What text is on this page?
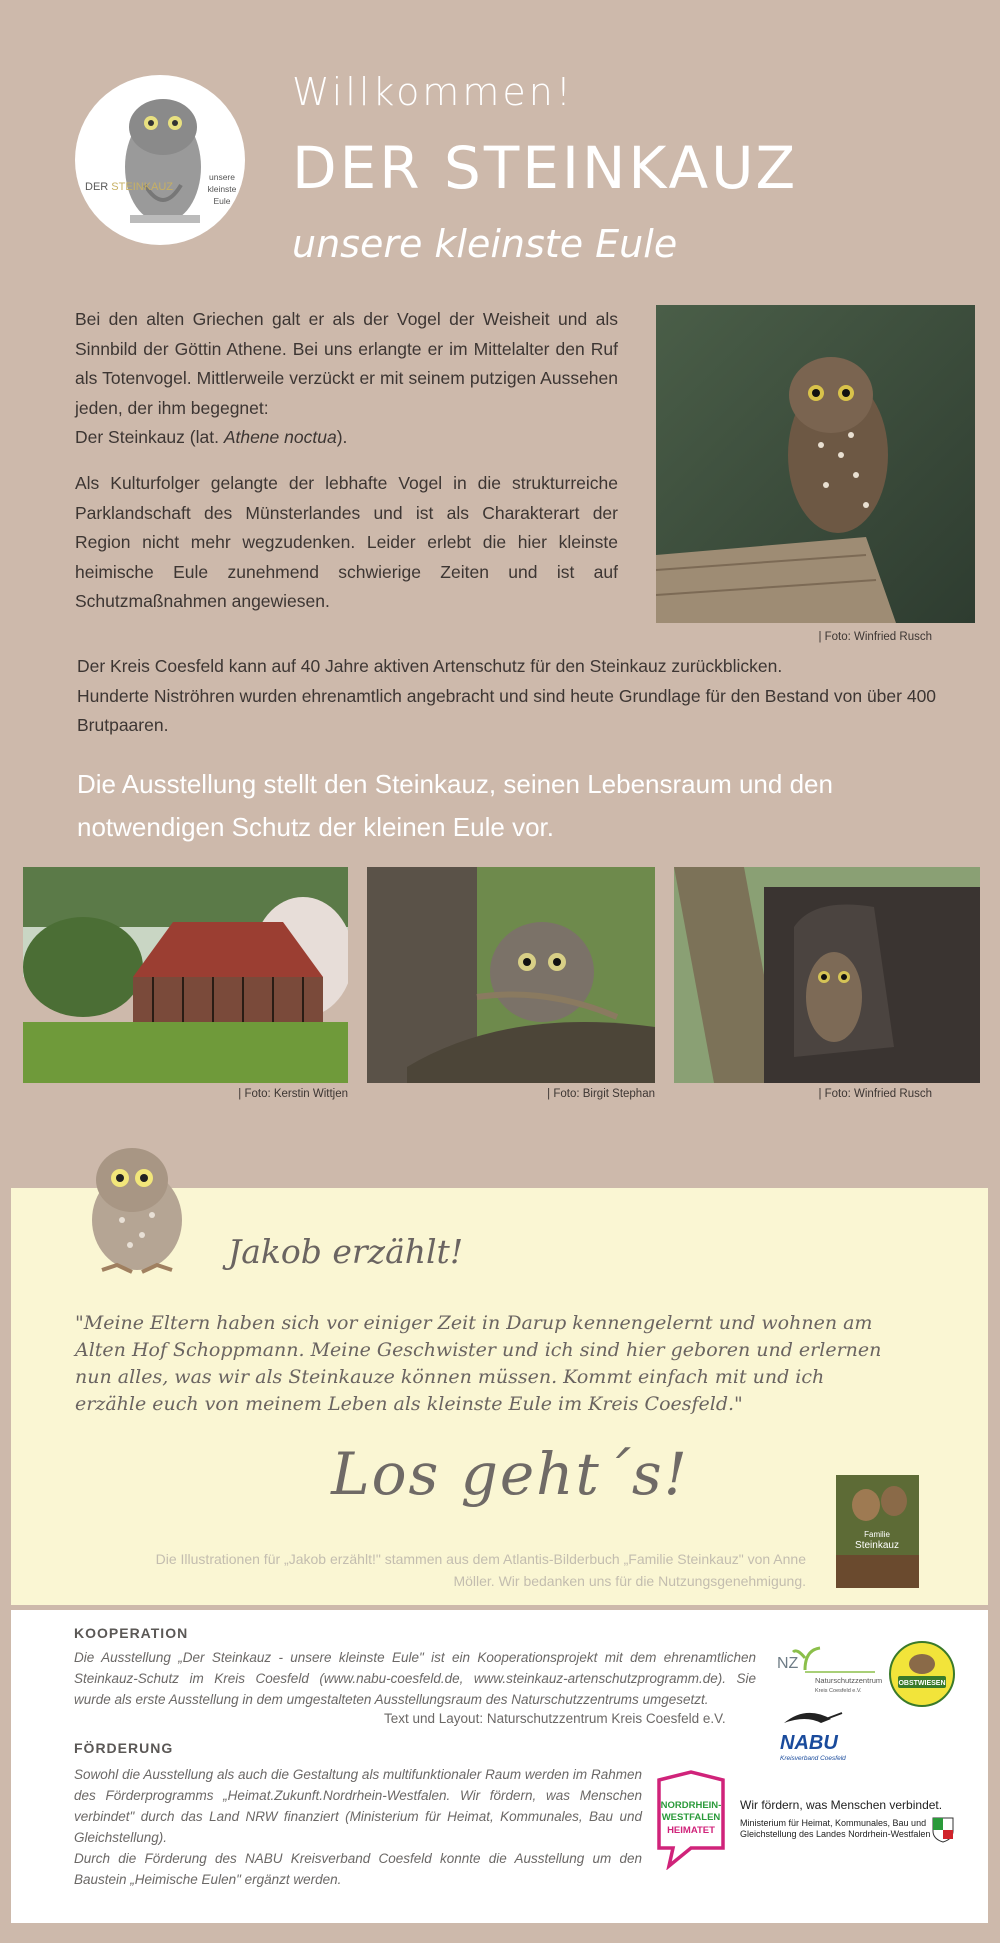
DER STEINKAUZ
unsere
kleinste
Eule
Willkommen!
DER STEINKAUZ
unsere kleinste Eule

Bei den alten Griechen galt er als der Vogel der Weisheit und als Sinnbild der Göttin Athene. Bei uns erlangte er im Mittelalter den Ruf als Totenvogel. Mittlerweile verzückt er mit seinem putzigen Aussehen jeden, der ihm begegnet:
Der Steinkauz (lat. Athene noctua).

Als Kulturfolger gelangte der lebhafte Vogel in die strukturreiche Parklandschaft des Münsterlandes und ist als Charakterart der Region nicht mehr wegzudenken. Leider erlebt die hier kleinste heimische Eule zunehmend schwierige Zeiten und ist auf Schutzmaßnahmen angewiesen.

| Foto: Winfried Rusch

Der Kreis Coesfeld kann auf 40 Jahre aktiven Artenschutz für den Steinkauz zurückblicken.
Hunderte Niströhren wurden ehrenamtlich angebracht und sind heute Grundlage für den Bestand von über 400 Brutpaaren.

Die Ausstellung stellt den Steinkauz, seinen Lebensraum und den notwendigen Schutz der kleinen Eule vor.

| Foto: Kerstin Wittjen	| Foto: Birgit Stephan	| Foto: Winfried Rusch
Jakob erzählt!

"Meine Eltern haben sich vor einiger Zeit in Darup kennengelernt und wohnen am Alten Hof Schoppmann. Meine Geschwister und ich sind hier geboren und erlernen nun alles, was wir als Steinkauze können müssen. Kommt einfach mit und ich erzähle euch von meinem Leben als kleinste Eule im Kreis Coesfeld."

Los geht´s!

Die Illustrationen für „Jakob erzählt!" stammen aus dem Atlantis-Bilderbuch „Familie Steinkauz" von Anne Möller. Wir bedanken uns für die Nutzungsgenehmigung.

Familie
Steinkauz
KOOPERATION

Die Ausstellung „Der Steinkauz - unsere kleinste Eule" ist ein Kooperationsprojekt mit dem ehrenamtlichen Steinkauz-Schutz im Kreis Coesfeld (www.nabu-coesfeld.de, www.steinkauz-artenschutzprogramm.de). Sie wurde als erste Ausstellung in dem umgestalteten Ausstellungsraum des Naturschutzzentrums umgesetzt.

Text und Layout: Naturschutzzentrum Kreis Coesfeld e.V.
FÖRDERUNG

Sowohl die Ausstellung als auch die Gestaltung als multifunktionaler Raum werden im Rahmen des Förderprogramms „Heimat.Zukunft.Nordrhein-Westfalen. Wir fördern, was Menschen verbindet" durch das Land NRW finanziert (Ministerium für Heimat, Kommunales, Bau und Gleichstellung).

Durch die Förderung des NABU Kreisverband Coesfeld konnte die Ausstellung um den Baustein „Heimische Eulen" ergänzt werden.

NZ
Naturschutzzentrum
Kreis Coesfeld e.V.
OBSTWIESEN
NABU
Kreisverband Coesfeld
NORDRHEIN-
WESTFALEN
HEIMATET
Wir fördern, was Menschen verbindet.
Ministerium für Heimat, Kommunales, Bau und Gleichstellung des Landes Nordrhein-Westfalen
